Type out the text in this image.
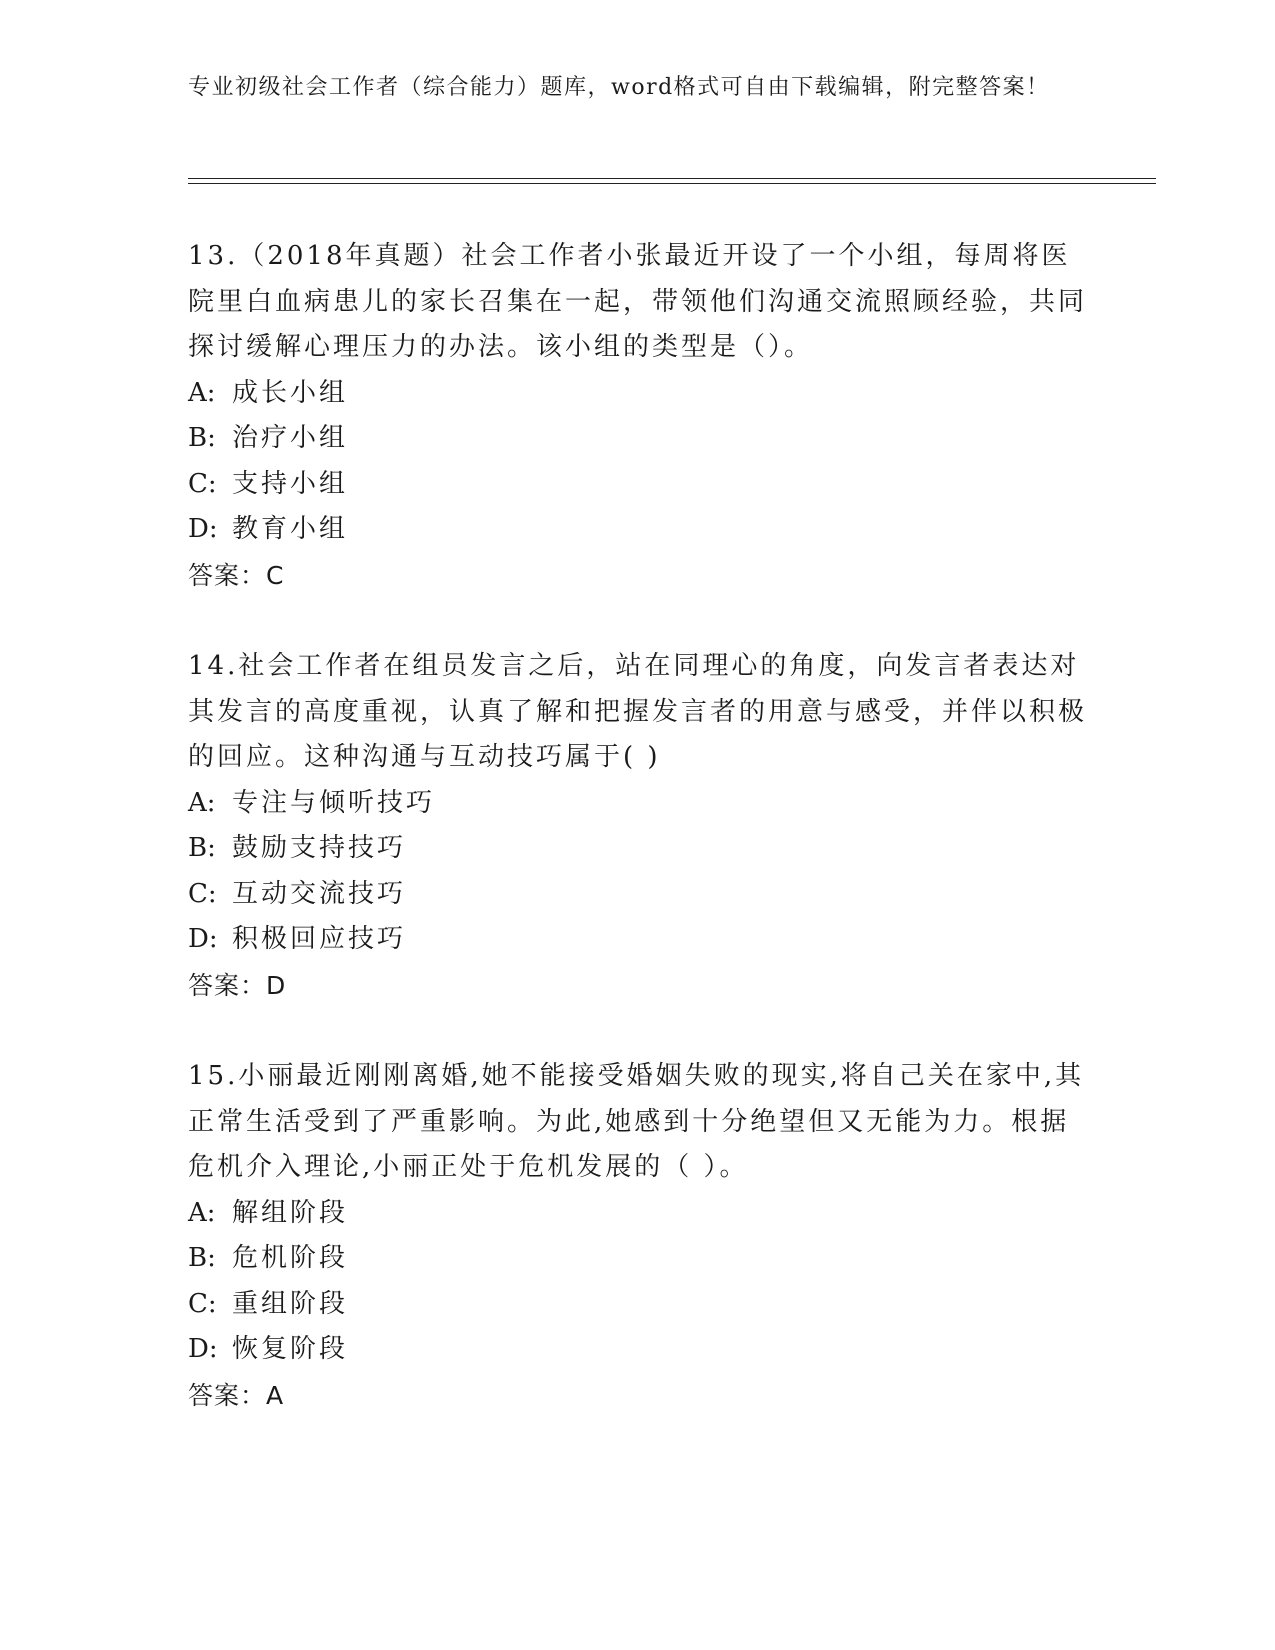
专业初级社会工作者（综合能力）题库，word格式可自由下载编辑，附完整答案！

13.（2018年真题）社会工作者小张最近开设了一个小组，每周将医院里白血病患儿的家长召集在一起，带领他们沟通交流照顾经验，共同探讨缓解心理压力的办法。该小组的类型是（）。

A: 成长小组

B: 治疗小组

C: 支持小组

D: 教育小组

答案：C

14.社会工作者在组员发言之后，站在同理心的角度，向发言者表达对其发言的高度重视，认真了解和把握发言者的用意与感受，并伴以积极的回应。这种沟通与互动技巧属于( )

A: 专注与倾听技巧

B: 鼓励支持技巧

C: 互动交流技巧

D: 积极回应技巧

答案：D

15.小丽最近刚刚离婚,她不能接受婚姻失败的现实,将自己关在家中,其正常生活受到了严重影响。为此,她感到十分绝望但又无能为力。根据危机介入理论,小丽正处于危机发展的（ ）。

A: 解组阶段

B: 危机阶段

C: 重组阶段

D: 恢复阶段

答案：A
